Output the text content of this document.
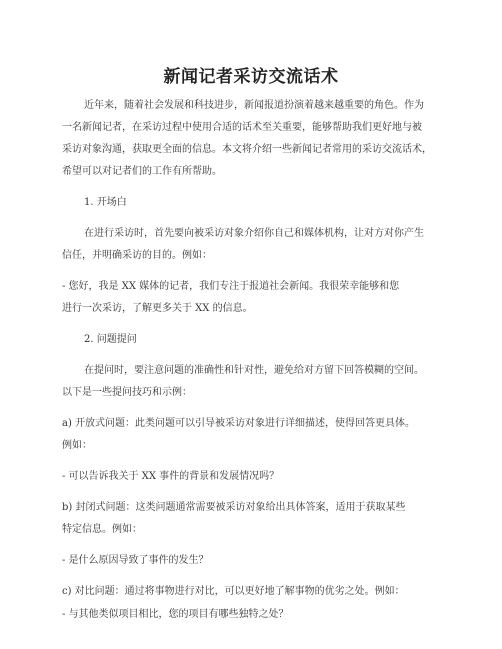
新闻记者采访交流话术

近年来，随着社会发展和科技进步，新闻报道扮演着越来越重要的角色。作为

一名新闻记者，在采访过程中使用合适的话术至关重要，能够帮助我们更好地与被

采访对象沟通，获取更全面的信息。本文将介绍一些新闻记者常用的采访交流话术，

希望可以对记者们的工作有所帮助。

1. 开场白

在进行采访时，首先要向被采访对象介绍你自己和媒体机构，让对方对你产生

信任，并明确采访的目的。例如：

- 您好，我是 XX 媒体的记者，我们专注于报道社会新闻。我很荣幸能够和您

进行一次采访，了解更多关于 XX 的信息。

2. 问题提问

在提问时，要注意问题的准确性和针对性，避免给对方留下回答模糊的空间。

以下是一些提问技巧和示例：

a) 开放式问题：此类问题可以引导被采访对象进行详细描述，使得回答更具体。

例如：

- 可以告诉我关于 XX 事件的背景和发展情况吗？

b) 封闭式问题：这类问题通常需要被采访对象给出具体答案，适用于获取某些

特定信息。例如：

- 是什么原因导致了事件的发生？

c) 对比问题：通过将事物进行对比，可以更好地了解事物的优劣之处。例如：

- 与其他类似项目相比，您的项目有哪些独特之处？
